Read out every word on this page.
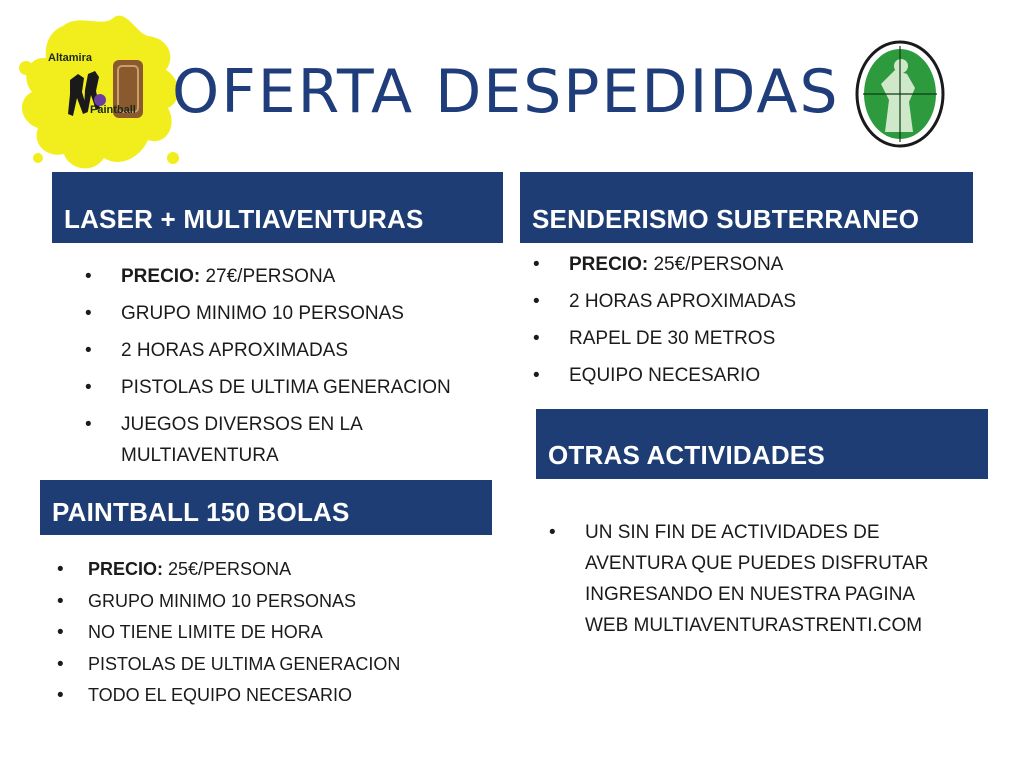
Altamira
Paintball OFERTA DESPEDIDAS
LASER + MULTIAVENTURAS
• PRECIO: 27€/PERSONA
• GRUPO MINIMO 10 PERSONAS
• 2 HORAS APROXIMADAS
• PISTOLAS DE ULTIMA GENERACION
• JUEGOS DIVERSOS EN LA
MULTIAVENTURA
SENDERISMO SUBTERRANEO
• PRECIO: 25€/PERSONA
• 2 HORAS APROXIMADAS
• RAPEL DE 30 METROS
• EQUIPO NECESARIO
OTRAS ACTIVIDADES
• UN SIN FIN DE ACTIVIDADES DE
AVENTURA QUE PUEDES DISFRUTAR
INGRESANDO EN NUESTRA PAGINA
WEB MULTIAVENTURASTRENTI.COM
PAINTBALL 150 BOLAS
• PRECIO: 25€/PERSONA
• GRUPO MINIMO 10 PERSONAS
• NO TIENE LIMITE DE HORA
• PISTOLAS DE ULTIMA GENERACION
• TODO EL EQUIPO NECESARIO
